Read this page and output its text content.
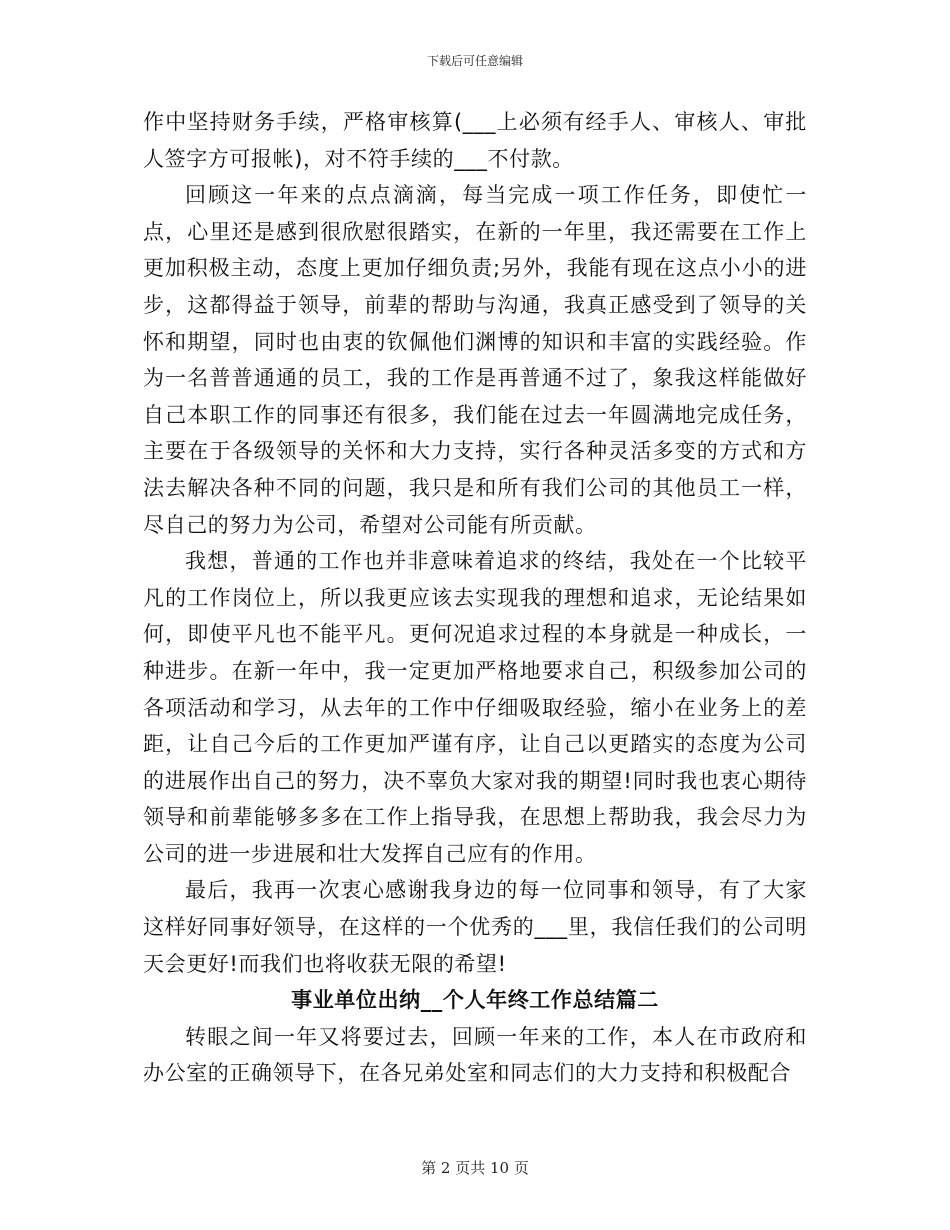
下载后可任意编辑

作中坚持财务手续，严格审核算(___上必须有经手人、审核人、审批人签字方可报帐)，对不符手续的___不付款。

回顾这一年来的点点滴滴，每当完成一项工作任务，即使忙一点，心里还是感到很欣慰很踏实，在新的一年里，我还需要在工作上更加积极主动，态度上更加仔细负责;另外，我能有现在这点小小的进步，这都得益于领导，前辈的帮助与沟通，我真正感受到了领导的关怀和期望，同时也由衷的钦佩他们渊博的知识和丰富的实践经验。作为一名普普通通的员工，我的工作是再普通不过了，象我这样能做好自己本职工作的同事还有很多，我们能在过去一年圆满地完成任务，主要在于各级领导的关怀和大力支持，实行各种灵活多变的方式和方法去解决各种不同的问题，我只是和所有我们公司的其他员工一样，尽自己的努力为公司，希望对公司能有所贡献。

我想，普通的工作也并非意味着追求的终结，我处在一个比较平凡的工作岗位上，所以我更应该去实现我的理想和追求，无论结果如何，即使平凡也不能平凡。更何况追求过程的本身就是一种成长，一种进步。在新一年中，我一定更加严格地要求自己，积级参加公司的各项活动和学习，从去年的工作中仔细吸取经验，缩小在业务上的差距，让自己今后的工作更加严谨有序，让自己以更踏实的态度为公司的进展作出自己的努力，决不辜负大家对我的期望!同时我也衷心期待领导和前辈能够多多在工作上指导我，在思想上帮助我，我会尽力为公司的进一步进展和壮大发挥自己应有的作用。

最后，我再一次衷心感谢我身边的每一位同事和领导，有了大家这样好同事好领导，在这样的一个优秀的___里，我信任我们的公司明天会更好!而我们也将收获无限的希望!

事业单位出纳__个人年终工作总结篇二

转眼之间一年又将要过去，回顾一年来的工作，本人在市政府和办公室的正确领导下，在各兄弟处室和同志们的大力支持和积极配合

第 2 页共 10 页
